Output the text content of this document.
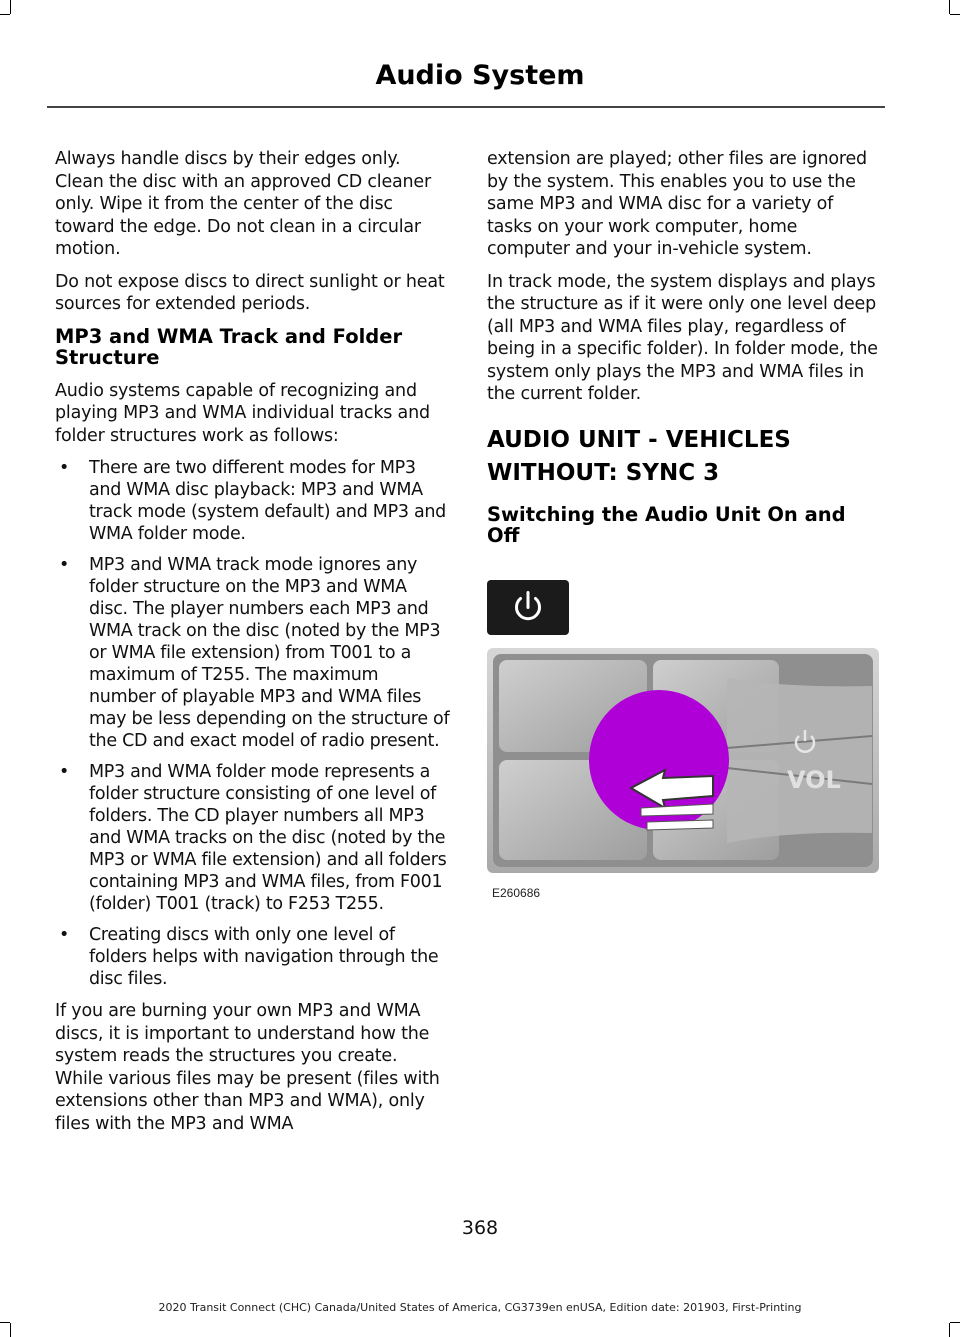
Audio System

Always handle discs by their edges only. Clean the disc with an approved CD cleaner only. Wipe it from the center of the disc toward the edge. Do not clean in a circular motion.

Do not expose discs to direct sunlight or heat sources for extended periods.

MP3 and WMA Track and Folder Structure

Audio systems capable of recognizing and playing MP3 and WMA individual tracks and folder structures work as follows:

• There are two different modes for MP3 and WMA disc playback: MP3 and WMA track mode (system default) and MP3 and WMA folder mode.
• MP3 and WMA track mode ignores any folder structure on the MP3 and WMA disc. The player numbers each MP3 and WMA track on the disc (noted by the MP3 or WMA file extension) from T001 to a maximum of T255. The maximum number of playable MP3 and WMA files may be less depending on the structure of the CD and exact model of radio present.
• MP3 and WMA folder mode represents a folder structure consisting of one level of folders. The CD player numbers all MP3 and WMA tracks on the disc (noted by the MP3 or WMA file extension) and all folders containing MP3 and WMA files, from F001 (folder) T001 (track) to F253 T255.
• Creating discs with only one level of folders helps with navigation through the disc files.

If you are burning your own MP3 and WMA discs, it is important to understand how the system reads the structures you create. While various files may be present (files with extensions other than MP3 and WMA), only files with the MP3 and WMA

extension are played; other files are ignored by the system. This enables you to use the same MP3 and WMA disc for a variety of tasks on your work computer, home computer and your in-vehicle system.

In track mode, the system displays and plays the structure as if it were only one level deep (all MP3 and WMA files play, regardless of being in a specific folder). In folder mode, the system only plays the MP3 and WMA files in the current folder.

AUDIO UNIT - VEHICLES
WITHOUT: SYNC 3
Switching the Audio Unit On and Off
VOL
E260686
368
2020 Transit Connect (CHC) Canada/United States of America, CG3739en enUSA, Edition date: 201903, First-Printing
